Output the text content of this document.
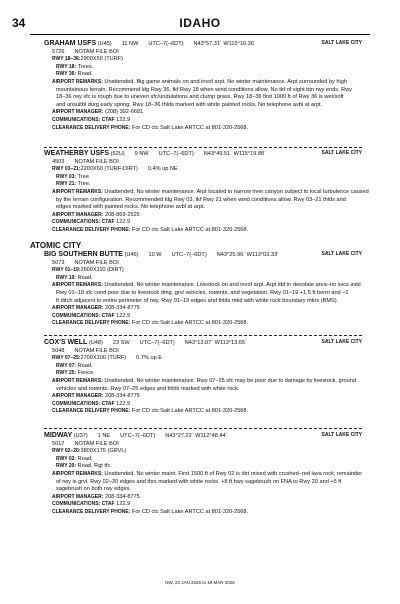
34	IDAHO
GRAHAM USFS (U45) 11 NW UTC–7(–6DT) N43°57.31´ W115°16.36´	SALT LAKE CITY
5726 NOTAM FILE BOI
RWY 18–36:2900X50 (TURF)
RWY 18: Trees.
RWY 36: Road.
AIRPORT REMARKS: Unattended. Big game animals on and invof arpt. No winter maintenance. Arpt surrounded by high
mountainous terrain. Recommend ldg Rwy 36, tkf Rwy 18 when wind conditions allow. No tkf of sight btn rwy ends. Rwy
18–36 rwy sfc is rough due to uneven sfc/undulations and clump grass. Rwy 18–36 first 1000 ft of Rwy 36 is wet/soft
and unsuitbl durg early spring. Rwy 18–36 thlds marked with white painted rocks. No telephone avbl at arpt.
AIRPORT MANAGER: (208) 392-6681
COMMUNICATIONS: CTAF 122.9
CLEARANCE DELIVERY PHONE: For CD ctc Salt Lake ARTCC at 801-320-2568.
WEATHERBY USFS (52U) 9 NW UTC–7(–6DT) N43°49.51´ W115°19.88´	SALT LAKE CITY
4503 NOTAM FILE BOI
RWY 03–21:2200X60 (TURF-DIRT) 0.4% up NE
RWY 03: Tree.
RWY 21: Tree.
AIRPORT REMARKS: Unattended. No winter maintenance. Arpt located in narrow river canyon subject to local turbulence caused
by the terrain configuration. Recommended ldg Rwy 03, tkf Rwy 21 when wind conditions allow. Rwy 03–21 thlds and
edges marked with painted rocks. No telephone avbl at arpt.
AIRPORT MANAGER: 208-869-2525
COMMUNICATIONS: CTAF 122.9
CLEARANCE DELIVERY PHONE: For CD ctc Salt Lake ARTCC at 801-320-2568.
ATOMIC CITY
BIG SOUTHERN BUTTE (U46) 10 W UTC–7(–6DT) N43°25.96´ W113°03.33´	SALT LAKE CITY
5073 NOTAM FILE BOI
RWY 01–19:2600X110 (DIRT)
RWY 19: Road.
AIRPORT REMARKS: Unattended. No winter maintenance. Livestock on and invof arpt. Arpt ldd in desolate area–no svcs avbl.
Rwy 01–19 sfc cond poor due to livestock dmg, grvl vehicles, rodents, and vegetation. Rwy 01–19 +1.5 ft berm and –1
ft ditch adjacent to entire perimeter of rwy. Rwy 01–19 edges and thlds mkd with white rock boundary mkrs (BMS).
AIRPORT MANAGER: 208-334-8775
COMMUNICATIONS: CTAF 122.9
CLEARANCE DELIVERY PHONE: For CD ctc Salt Lake ARTCC at 801-320-2568.
COX'S WELL (U48) 23 SW UTC–7(–6DT) N43°13.07´ W113°13.65´	SALT LAKE CITY
5048 NOTAM FILE BOI
RWY 07–25:2700X100 (TURF) 0.7% up E
RWY 07: Road.
RWY 25: Fence.
AIRPORT REMARKS: Unattended. No winter maintenance. Rwy 07–25 sfc may be poor due to damage by livestock, ground
vehicles and rodents. Rwy 07–25 edges and thlds marked with white rock.
AIRPORT MANAGER: 208-334-8775
COMMUNICATIONS: CTAF 122.9
CLEARANCE DELIVERY PHONE: For CD ctc Salt Lake ARTCC at 801-320-2568.
MIDWAY (U37) 1 NE UTC–7(–6DT) N43°27.22´ W112°48.44´	SALT LAKE CITY
5017 NOTAM FILE BOI
RWY 02–20:3800X175 (GRVL)
RWY 02: Road.
RWY 20: Road. Rgt tfc.
AIRPORT REMARKS: Unattended. No winter maint. First 1500 ft of Rwy 02 is dirt mixed with crushed–red lava rock; remainder
of rwy is grvl. Rwy 02–20 edges and thrs marked with white rocks. +8 ft hwy sagebrush on FNA to Rwy 20 and +5 ft
sagebrush on both rwy edges.
AIRPORT MANAGER: 208-334-8775
COMMUNICATIONS: CTAF 122.9
CLEARANCE DELIVERY PHONE: For CD ctc Salt Lake ARTCC at 801-320-2568.
NW, 22 JAN 2026 to 19 MAR 2026
